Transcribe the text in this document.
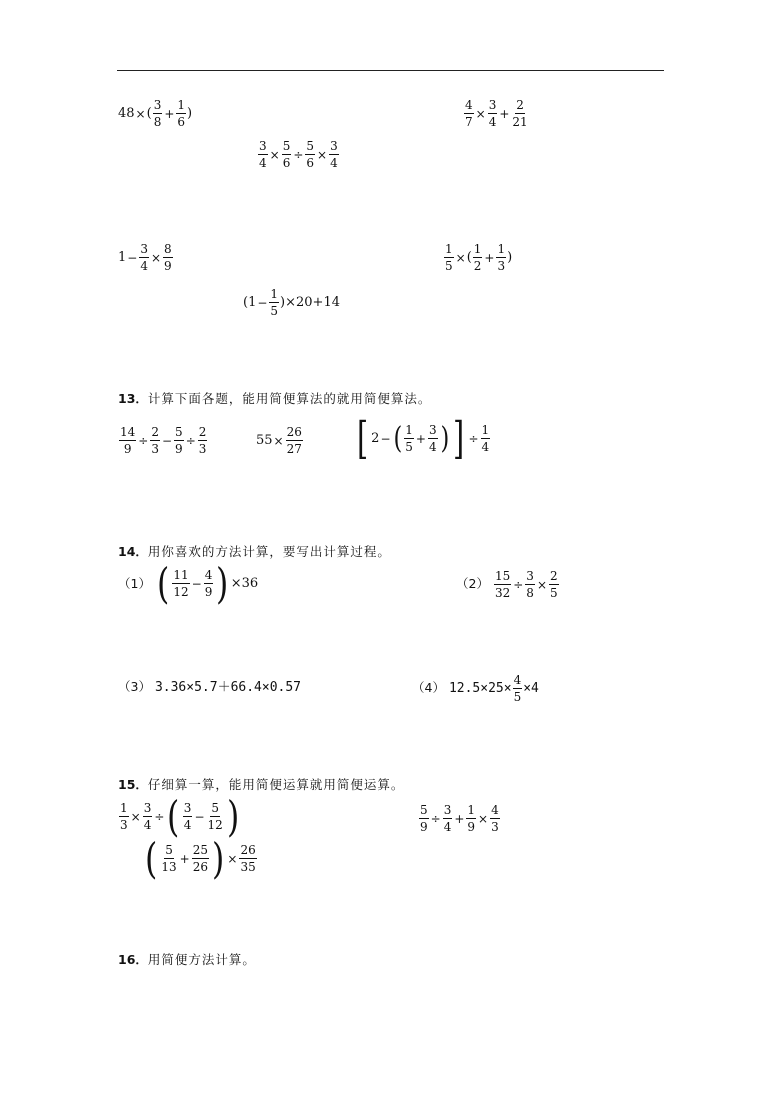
48 × ( $\frac{3}{8} + \frac{1}{6}$ )	$\frac{4}{7} \times \frac{3}{4} + \frac{2}{21}$
$\frac{3}{4} \times \frac{5}{6} \div \frac{5}{6} \times \frac{3}{4}$
$1 - \frac{3}{4} \times \frac{8}{9}$	$\frac{1}{5}$ × ( $\frac{1}{2} + \frac{1}{3}$ )
$(1 - \frac{1}{5} )\times 20+14$
13．计算下面各题，能用简便算法的就用简便算法。
$\frac{14}{9} \div \frac{2}{3} - \frac{5}{9} \div \frac{2}{3}$	$55 \times \frac{26}{27}$ [ 2 − ( $\frac{1}{5} + \frac{3}{4}$ ) ] ÷ $\frac{1}{4}$
14．用你喜欢的方法计算，要写出计算过程。
（1） ( $\frac{11}{12} - \frac{4}{9}$ ) ×36	$(2) \frac{15}{32} \div \frac{3}{8} \times \frac{2}{5}$
（3） 3.36×5.7＋66.4×0.57	（4） $12.5\times 25\times \frac{4}{5} \times 4$
15．仔细算一算，能用简便运算就用简便运算。
$\frac{1}{3} \times \frac{3}{4}$ ÷ ( $\frac{3}{4} - \frac{5}{12}$ )	$\frac{5}{9} \div \frac{3}{4} + \frac{1}{9} \times \frac{4}{3}$
( $\frac{5}{13} + \frac{25}{26}$ ) × $\frac{26}{35}$
16．用简便方法计算。
